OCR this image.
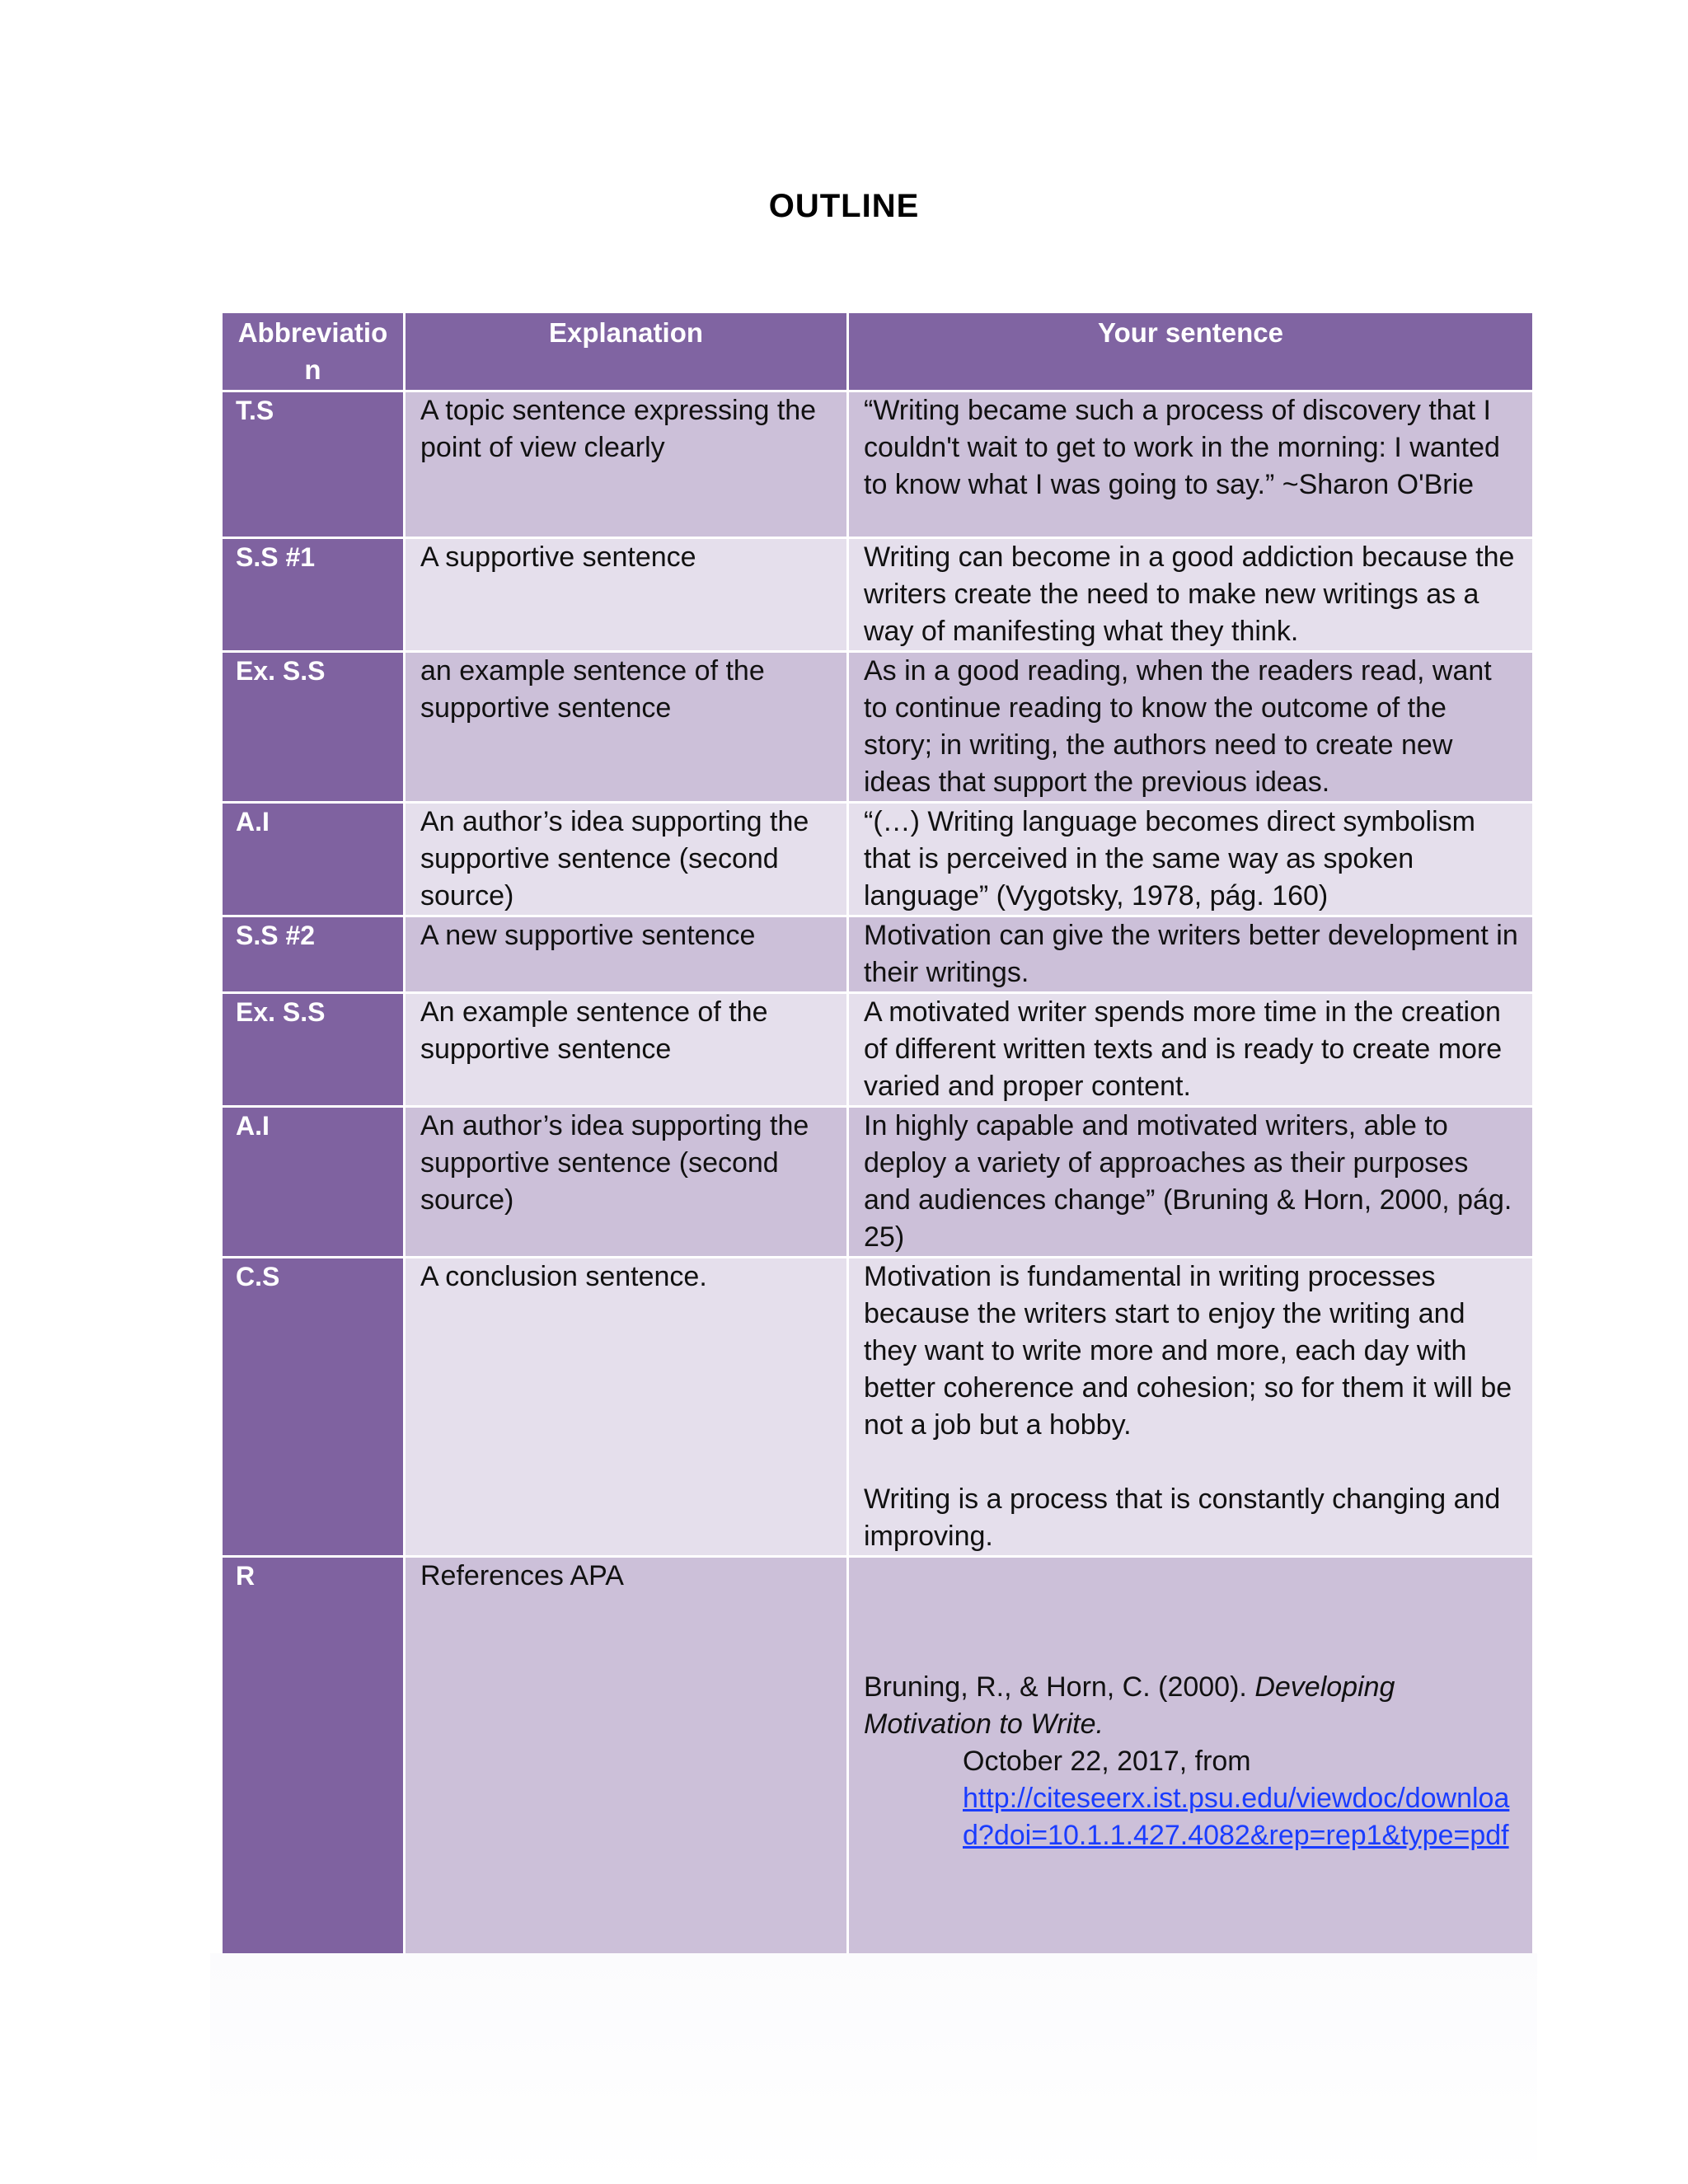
OUTLINE
Abbreviation	Explanation	Your sentence
T.S	A topic sentence expressing the point of view clearly	“Writing became such a process of discovery that I couldn't wait to get to work in the morning: I wanted to know what I was going to say.” ~Sharon O'Brie
S.S #1	A supportive sentence	Writing can become in a good addiction because the writers create the need to make new writings as a way of manifesting what they think.
Ex. S.S	an example sentence of the supportive sentence	As in a good reading, when the readers read, want to continue reading to know the outcome of the story; in writing, the authors need to create new ideas that support the previous ideas.
A.I	An author’s idea supporting the supportive sentence (second source)	“(…) Writing language becomes direct symbolism that is perceived in the same way as spoken language” (Vygotsky, 1978, pág. 160)
S.S #2	A new supportive sentence	Motivation can give the writers better development in their writings.
Ex. S.S	An example sentence of the supportive sentence	A motivated writer spends more time in the creation of different written texts and is ready to create more varied and proper content.
A.I	An author’s idea supporting the supportive sentence (second source)	In highly capable and motivated writers, able to deploy a variety of approaches as their purposes and audiences change” (Bruning & Horn, 2000, pág. 25)
C.S	A conclusion sentence.	Motivation is fundamental in writing processes because the writers start to enjoy the writing and they want to write more and more, each day with better coherence and cohesion; so for them it will be not a job but a hobby.
Writing is a process that is constantly changing and improving.
R	References APA	Bruning, R., & Horn, C. (2000). Developing Motivation to Write.
October 22, 2017, from
http://citeseerx.ist.psu.edu/viewdoc/download?doi=10.1.1.427.4082&rep=rep1&type=pdf
